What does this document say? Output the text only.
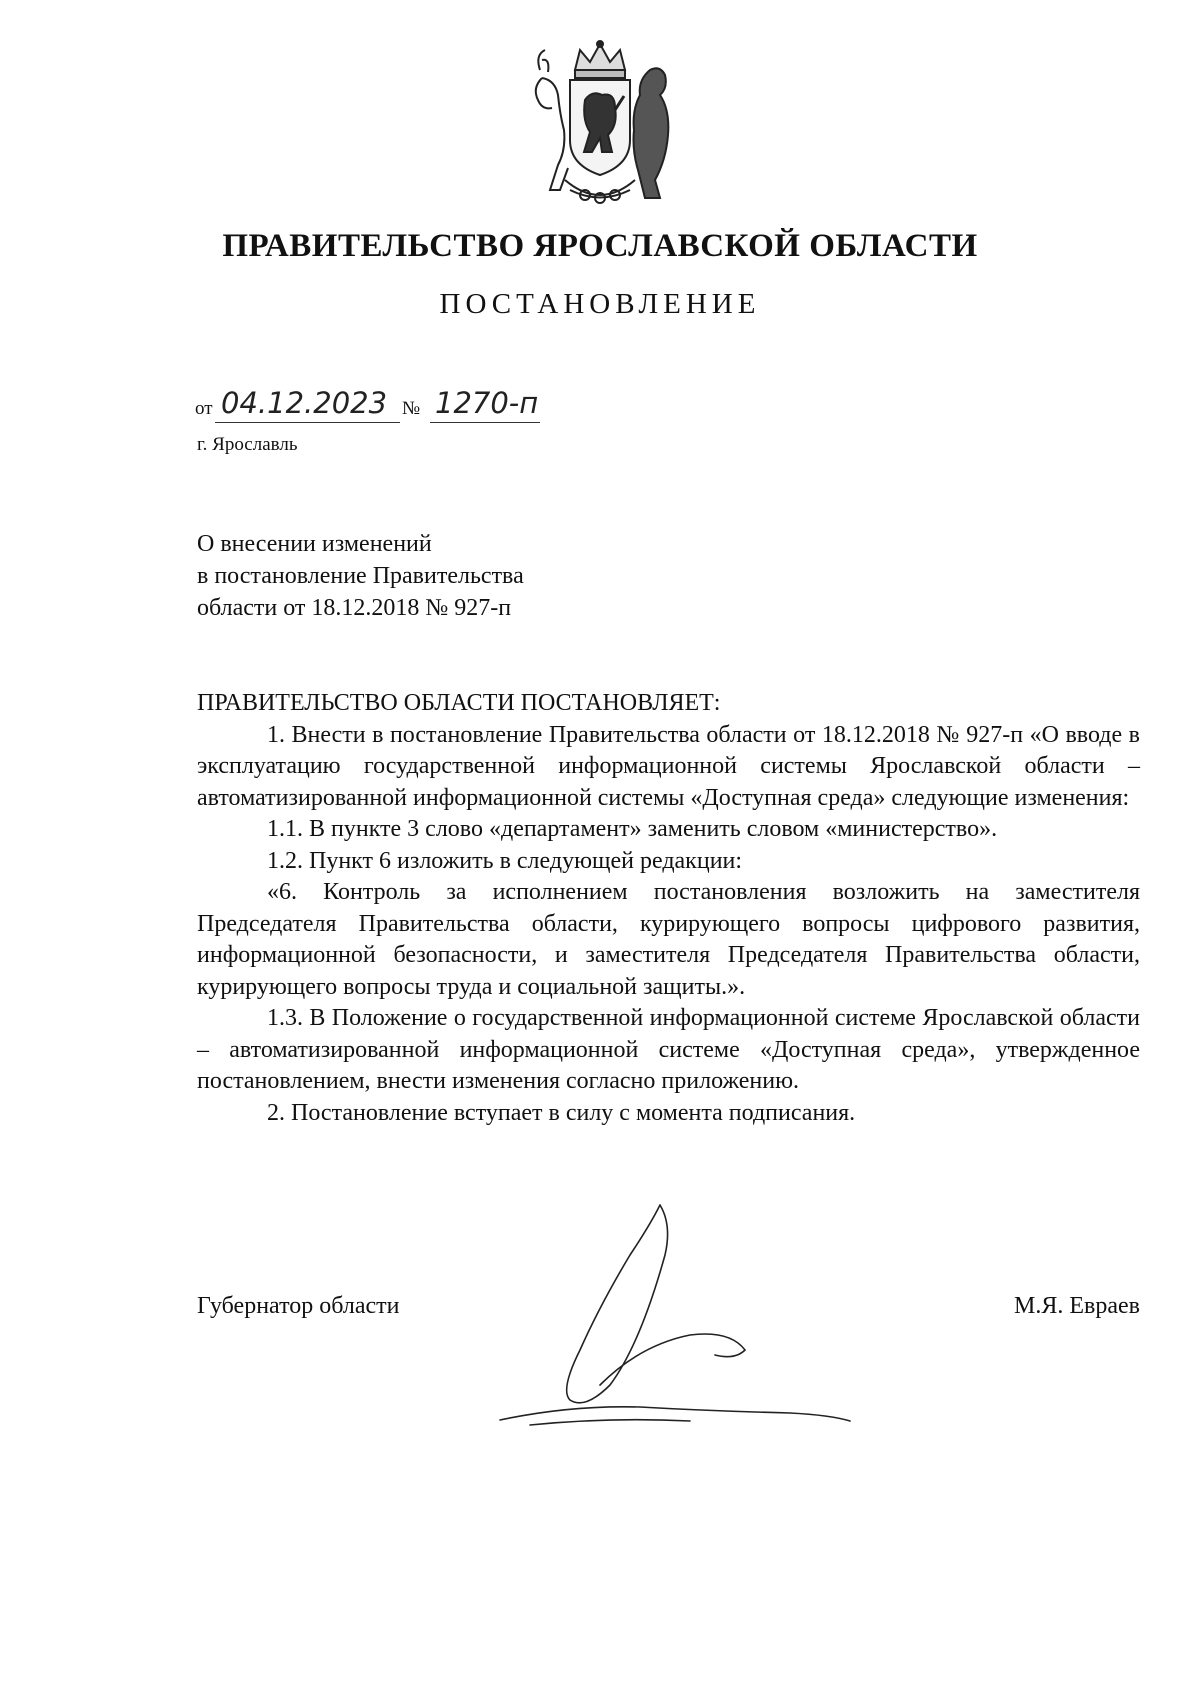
ПРАВИТЕЛЬСТВО ЯРОСЛАВСКОЙ ОБЛАСТИ
ПОСТАНОВЛЕНИЕ
от 04.12.2023 № 1270-п
г. Ярославль
О внесении изменений
в постановление Правительства
области от 18.12.2018 № 927-п
ПРАВИТЕЛЬСТВО ОБЛАСТИ ПОСТАНОВЛЯЕТ:

1. Внести в постановление Правительства области от 18.12.2018 № 927-п «О вводе в эксплуатацию государственной информационной системы Ярославской области – автоматизированной информационной системы «Доступная среда» следующие изменения:

1.1. В пункте 3 слово «департамент» заменить словом «министерство».

1.2. Пункт 6 изложить в следующей редакции:

«6. Контроль за исполнением постановления возложить на заместителя Председателя Правительства области, курирующего вопросы цифрового развития, информационной безопасности, и заместителя Председателя Правительства области, курирующего вопросы труда и социальной защиты.».

1.3. В Положение о государственной информационной системе Ярославской области – автоматизированной информационной системе «Доступная среда», утвержденное постановлением, внести изменения согласно приложению.

2. Постановление вступает в силу с момента подписания.

Губернатор области	М.Я. Евраев
